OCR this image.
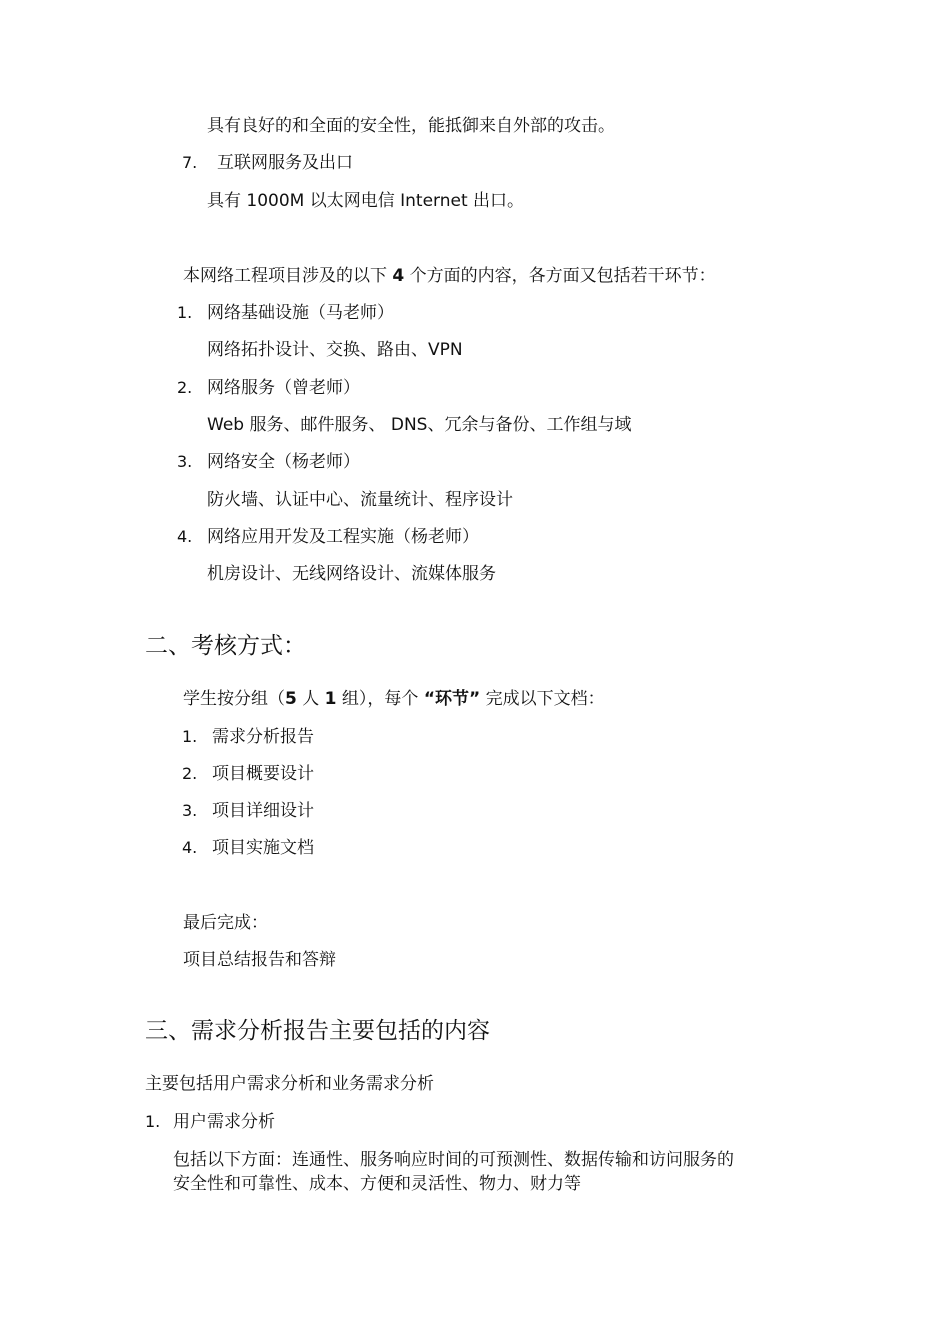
具有良好的和全面的安全性，能抵御来自外部的攻击。
7. 互联网服务及出口
具有 1000M 以太网电信 Internet 出口。
本网络工程项目涉及的以下 4 个方面的内容，各方面又包括若干环节：
1. 网络基础设施（马老师）
网络拓扑设计、交换、路由、VPN
2. 网络服务（曾老师）
Web 服务、邮件服务、 DNS、冗余与备份、工作组与域
3. 网络安全（杨老师）
防火墙、认证中心、流量统计、程序设计
4. 网络应用开发及工程实施（杨老师）
机房设计、无线网络设计、流媒体服务
二、考核方式：
学生按分组（5 人 1 组），每个 “环节” 完成以下文档：
1. 需求分析报告
2. 项目概要设计
3. 项目详细设计
4. 项目实施文档
最后完成：
项目总结报告和答辩
三、需求分析报告主要包括的内容
主要包括用户需求分析和业务需求分析
1. 用户需求分析
包括以下方面：连通性、服务响应时间的可预测性、数据传输和访问服务的
安全性和可靠性、成本、方便和灵活性、物力、财力等
